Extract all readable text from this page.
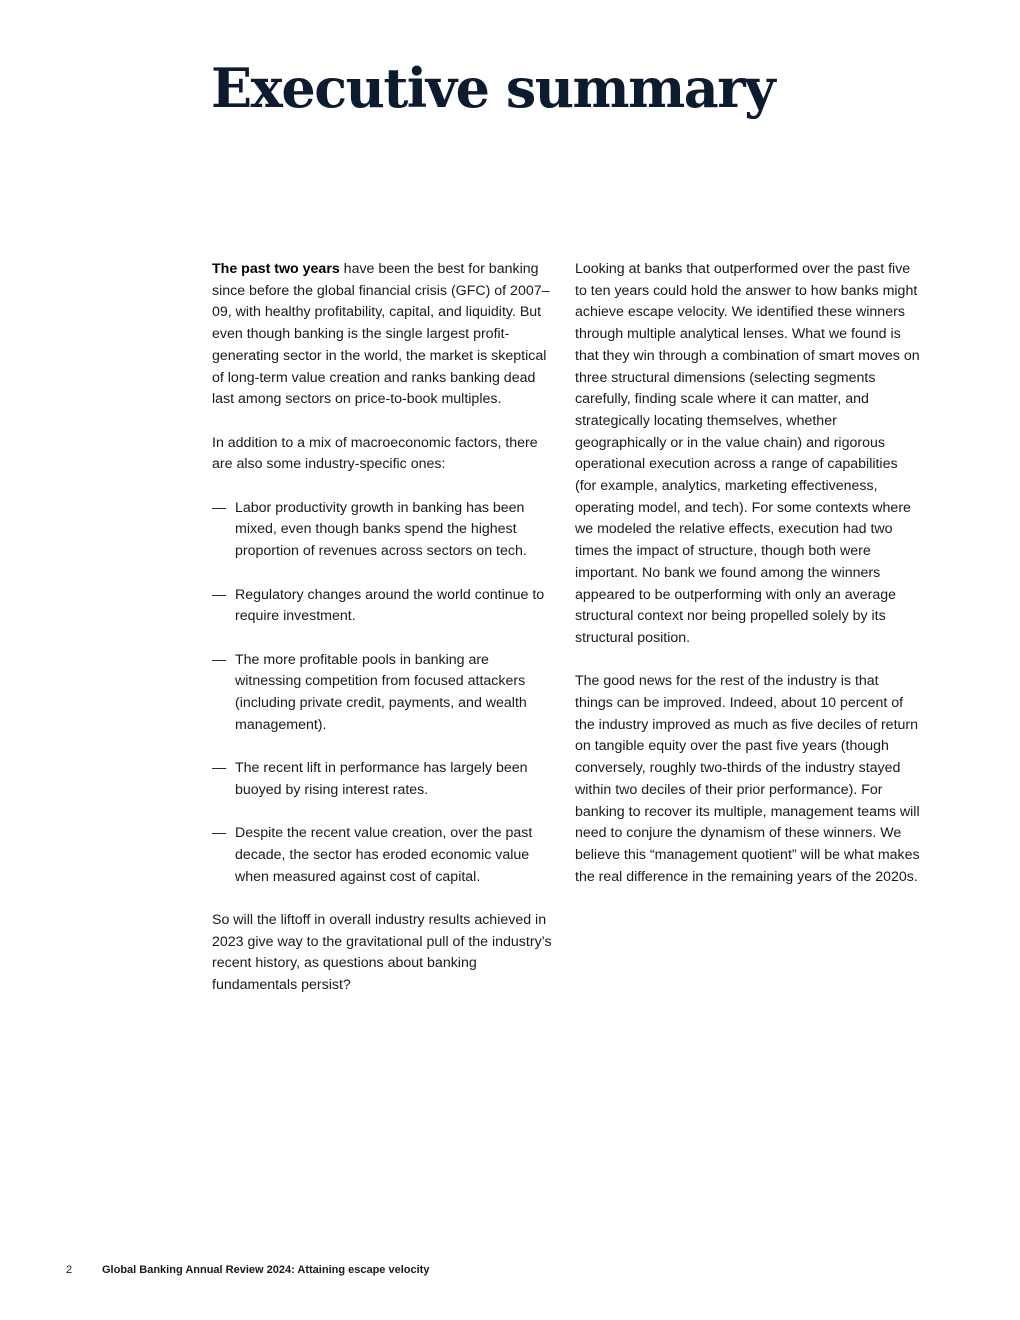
Executive summary

The past two years have been the best for banking since before the global financial crisis (GFC) of 2007–09, with healthy profitability, capital, and liquidity. But even though banking is the single largest profit-generating sector in the world, the market is skeptical of long-term value creation and ranks banking dead last among sectors on price-to-book multiples.

In addition to a mix of macroeconomic factors, there are also some industry-specific ones:

— Labor productivity growth in banking has been mixed, even though banks spend the highest proportion of revenues across sectors on tech.
— Regulatory changes around the world continue to require investment.
— The more profitable pools in banking are witnessing competition from focused attackers (including private credit, payments, and wealth management).
— The recent lift in performance has largely been buoyed by rising interest rates.
— Despite the recent value creation, over the past decade, the sector has eroded economic value when measured against cost of capital.

So will the liftoff in overall industry results achieved in 2023 give way to the gravitational pull of the industry’s recent history, as questions about banking fundamentals persist?

Looking at banks that outperformed over the past five to ten years could hold the answer to how banks might achieve escape velocity. We identified these winners through multiple analytical lenses. What we found is that they win through a combination of smart moves on three structural dimensions (selecting segments carefully, finding scale where it can matter, and strategically locating themselves, whether geographically or in the value chain) and rigorous operational execution across a range of capabilities (for example, analytics, marketing effectiveness, operating model, and tech). For some contexts where we modeled the relative effects, execution had two times the impact of structure, though both were important. No bank we found among the winners appeared to be outperforming with only an average structural context nor being propelled solely by its structural position.

The good news for the rest of the industry is that things can be improved. Indeed, about 10 percent of the industry improved as much as five deciles of return on tangible equity over the past five years (though conversely, roughly two-thirds of the industry stayed within two deciles of their prior performance). For banking to recover its multiple, management teams will need to conjure the dynamism of these winners. We believe this “management quotient” will be what makes the real difference in the remaining years of the 2020s.

2	Global Banking Annual Review 2024: Attaining escape velocity
